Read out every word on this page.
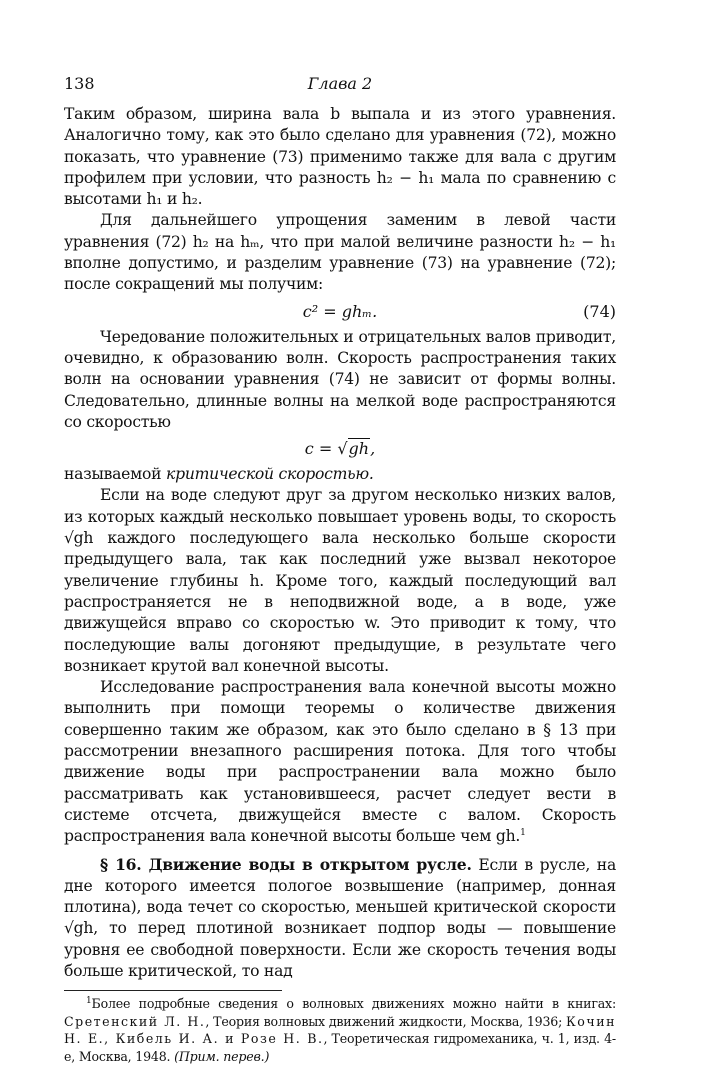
138	Глава 2

Таким образом, ширина вала b выпала и из этого уравнения. Аналогично тому, как это было сделано для уравнения (72), можно показать, что уравнение (73) применимо также для вала с другим профилем при условии, что разность h₂ − h₁ мала по сравнению с высотами h₁ и h₂.

Для дальнейшего упрощения заменим в левой части уравнения (72) h₂ на hₘ, что при малой величине разности h₂ − h₁ вполне допустимо, и разделим уравнение (73) на уравнение (72); после сокращений мы получим:

c² = ghₘ.	(74)

Чередование положительных и отрицательных валов приводит, очевидно, к образованию волн. Скорость распространения таких волн на основании уравнения (74) не зависит от формы волны. Следовательно, длинные волны на мелкой воде распространяются со скоростью

c = √gh,

называемой критической скоростью.

Если на воде следуют друг за другом несколько низких валов, из которых каждый несколько повышает уровень воды, то скорость √gh каждого последующего вала несколько больше скорости предыдущего вала, так как последний уже вызвал некоторое увеличение глубины h. Кроме того, каждый последующий вал распространяется не в неподвижной воде, а в воде, уже движущейся вправо со скоростью w. Это приводит к тому, что последующие валы догоняют предыдущие, в результате чего возникает крутой вал конечной высоты.

Исследование распространения вала конечной высоты можно выполнить при помощи теоремы о количестве движения совершенно таким же образом, как это было сделано в § 13 при рассмотрении внезапного расширения потока. Для того чтобы движение воды при распространении вала можно было рассматривать как установившееся, расчет следует вести в системе отсчета, движущейся вместе с валом. Скорость распространения вала конечной высоты больше чем gh.$^1$

§ 16. Движение воды в открытом русле. Если в русле, на дне которого имеется пологое возвышение (например, донная плотина), вода течет со скоростью, меньшей критической скорости √gh, то перед плотиной возникает подпор воды — повышение уровня ее свободной поверхности. Если же скорость течения воды больше критической, то над

$^1$Более подробные сведения о волновых движениях можно найти в книгах: Сретенский Л. Н., Теория волновых движений жидкости, Москва, 1936; Кочин Н. Е., Кибель И. А. и Розе Н. В., Теоретическая гидромеханика, ч. 1, изд. 4-е, Москва, 1948. (Прим. перев.)
